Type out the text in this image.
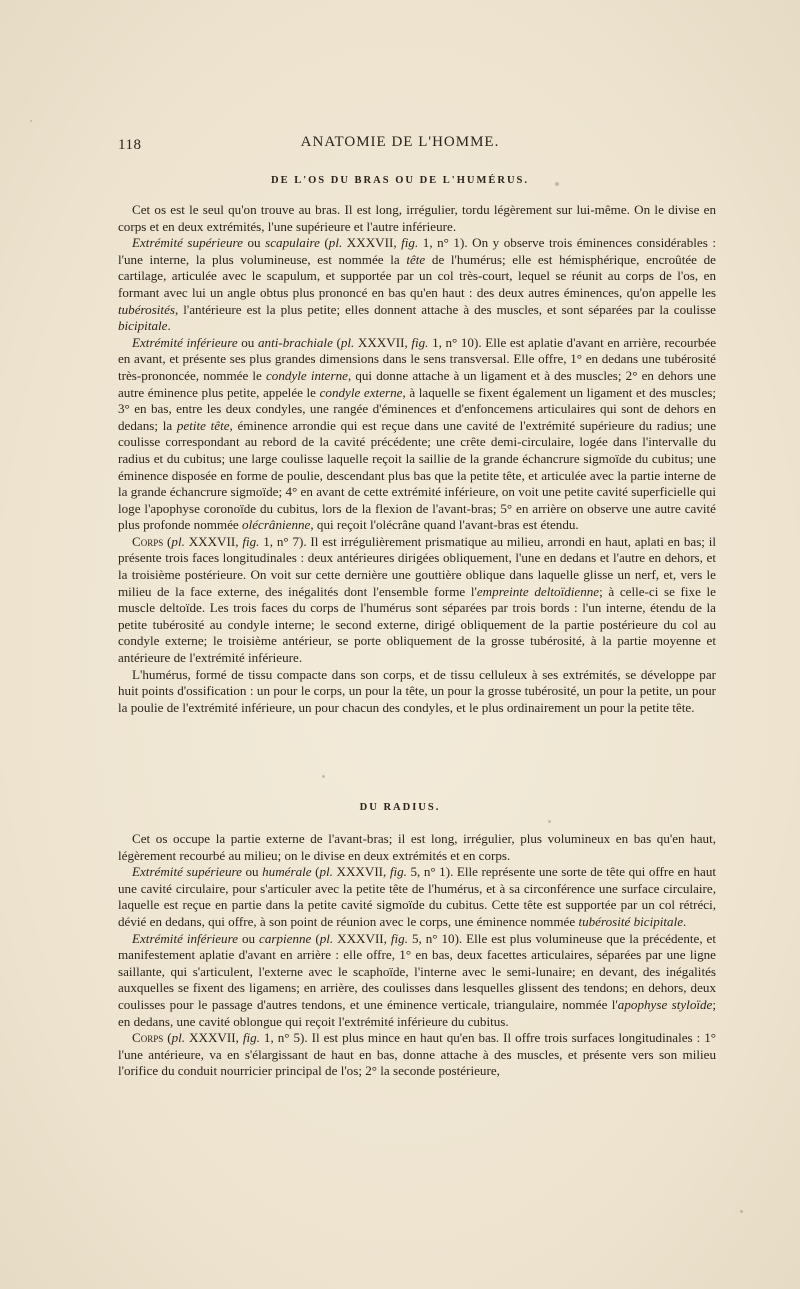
118	ANATOMIE DE L'HOMME.
DE L'OS DU BRAS OU DE L'HUMÉRUS.

Cet os est le seul qu'on trouve au bras. Il est long, irrégulier, tordu légèrement sur lui-même. On le divise en corps et en deux extrémités, l'une supérieure et l'autre inférieure.

Extrémité supérieure ou scapulaire (pl. XXXVII, fig. 1, n° 1). On y observe trois éminences considérables : l'une interne, la plus volumineuse, est nommée la tête de l'humérus; elle est hémisphérique, encroûtée de cartilage, articulée avec le scapulum, et supportée par un col très-court, lequel se réunit au corps de l'os, en formant avec lui un angle obtus plus prononcé en bas qu'en haut : des deux autres éminences, qu'on appelle les tubérosités, l'antérieure est la plus petite; elles donnent attache à des muscles, et sont séparées par la coulisse bicipitale.

Extrémité inférieure ou anti-brachiale (pl. XXXVII, fig. 1, n° 10). Elle est aplatie d'avant en arrière, recourbée en avant, et présente ses plus grandes dimensions dans le sens transversal. Elle offre, 1° en dedans une tubérosité très-prononcée, nommée le condyle interne, qui donne attache à un ligament et à des muscles; 2° en dehors une autre éminence plus petite, appelée le condyle externe, à laquelle se fixent également un ligament et des muscles; 3° en bas, entre les deux condyles, une rangée d'éminences et d'enfoncemens articulaires qui sont de dehors en dedans; la petite tête, éminence arrondie qui est reçue dans une cavité de l'extrémité supérieure du radius; une coulisse correspondant au rebord de la cavité précédente; une crête demi-circulaire, logée dans l'intervalle du radius et du cubitus; une large coulisse laquelle reçoit la saillie de la grande échancrure sigmoïde du cubitus; une éminence disposée en forme de poulie, descendant plus bas que la petite tête, et articulée avec la partie interne de la grande échancrure sigmoïde; 4° en avant de cette extrémité inférieure, on voit une petite cavité superficielle qui loge l'apophyse coronoïde du cubitus, lors de la flexion de l'avant-bras; 5° en arrière on observe une autre cavité plus profonde nommée olécrânienne, qui reçoit l'olécrâne quand l'avant-bras est étendu.

Corps (pl. XXXVII, fig. 1, n° 7). Il est irrégulièrement prismatique au milieu, arrondi en haut, aplati en bas; il présente trois faces longitudinales : deux antérieures dirigées obliquement, l'une en dedans et l'autre en dehors, et la troisième postérieure. On voit sur cette dernière une gouttière oblique dans laquelle glisse un nerf, et, vers le milieu de la face externe, des inégalités dont l'ensemble forme l'empreinte deltoïdienne; à celle-ci se fixe le muscle deltoïde. Les trois faces du corps de l'humérus sont séparées par trois bords : l'un interne, étendu de la petite tubérosité au condyle interne; le second externe, dirigé obliquement de la partie postérieure du col au condyle externe; le troisième antérieur, se porte obliquement de la grosse tubérosité, à la partie moyenne et antérieure de l'extrémité inférieure.

L'humérus, formé de tissu compacte dans son corps, et de tissu celluleux à ses extrémités, se développe par huit points d'ossification : un pour le corps, un pour la tête, un pour la grosse tubérosité, un pour la petite, un pour la poulie de l'extrémité inférieure, un pour chacun des condyles, et le plus ordinairement un pour la petite tête.

DU RADIUS.

Cet os occupe la partie externe de l'avant-bras; il est long, irrégulier, plus volumineux en bas qu'en haut, légèrement recourbé au milieu; on le divise en deux extrémités et en corps.

Extrémité supérieure ou humérale (pl. XXXVII, fig. 5, n° 1). Elle représente une sorte de tête qui offre en haut une cavité circulaire, pour s'articuler avec la petite tête de l'humérus, et à sa circonférence une surface circulaire, laquelle est reçue en partie dans la petite cavité sigmoïde du cubitus. Cette tête est supportée par un col rétréci, dévié en dedans, qui offre, à son point de réunion avec le corps, une éminence nommée tubérosité bicipitale.

Extrémité inférieure ou carpienne (pl. XXXVII, fig. 5, n° 10). Elle est plus volumineuse que la précédente, et manifestement aplatie d'avant en arrière : elle offre, 1° en bas, deux facettes articulaires, séparées par une ligne saillante, qui s'articulent, l'externe avec le scaphoïde, l'interne avec le semi-lunaire; en devant, des inégalités auxquelles se fixent des ligamens; en arrière, des coulisses dans lesquelles glissent des tendons; en dehors, deux coulisses pour le passage d'autres tendons, et une éminence verticale, triangulaire, nommée l'apophyse styloïde; en dedans, une cavité oblongue qui reçoit l'extrémité inférieure du cubitus.

Corps (pl. XXXVII, fig. 1, n° 5). Il est plus mince en haut qu'en bas. Il offre trois surfaces longitudinales : 1° l'une antérieure, va en s'élargissant de haut en bas, donne attache à des muscles, et présente vers son milieu l'orifice du conduit nourricier principal de l'os; 2° la seconde postérieure,
